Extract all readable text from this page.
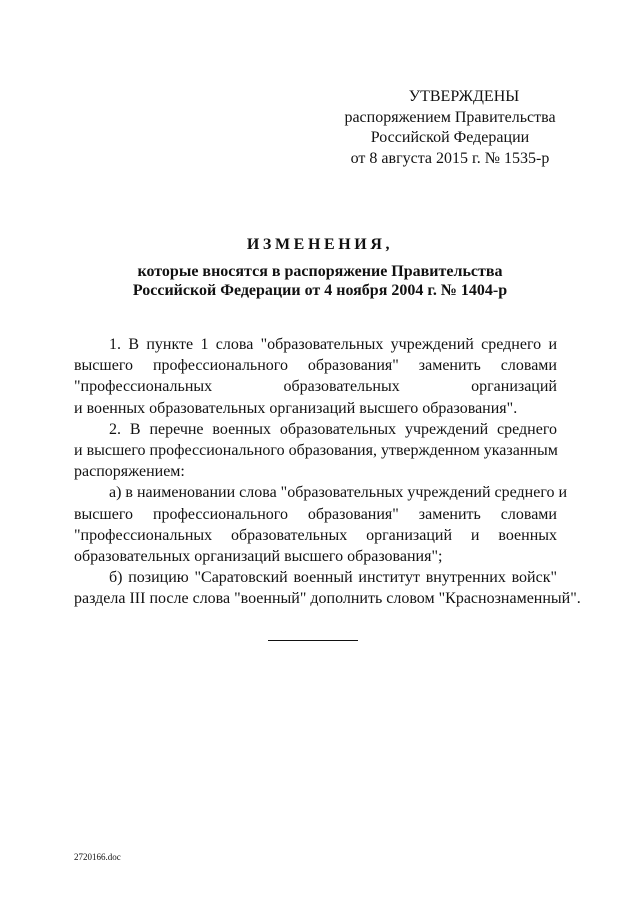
УТВЕРЖДЕНЫ
распоряжением Правительства
Российской Федерации
от 8 августа 2015 г. № 1535-р
ИЗМЕНЕНИЯ,
которые вносятся в распоряжение Правительства
Российской Федерации от 4 ноября 2004 г. № 1404-р
1. В пункте 1 слова "образовательных учреждений среднего и
высшего профессионального образования" заменить словами
"профессиональных образовательных организаций
и военных образовательных организаций высшего образования".
2. В перечне военных образовательных учреждений среднего
и высшего профессионального образования, утвержденном указанным
распоряжением:
а) в наименовании слова "образовательных учреждений среднего и
высшего профессионального образования" заменить словами
"профессиональных образовательных организаций и военных
образовательных организаций высшего образования";
б) позицию "Саратовский военный институт внутренних войск"
раздела III после слова "военный" дополнить словом "Краснознаменный".
2720166.doc
